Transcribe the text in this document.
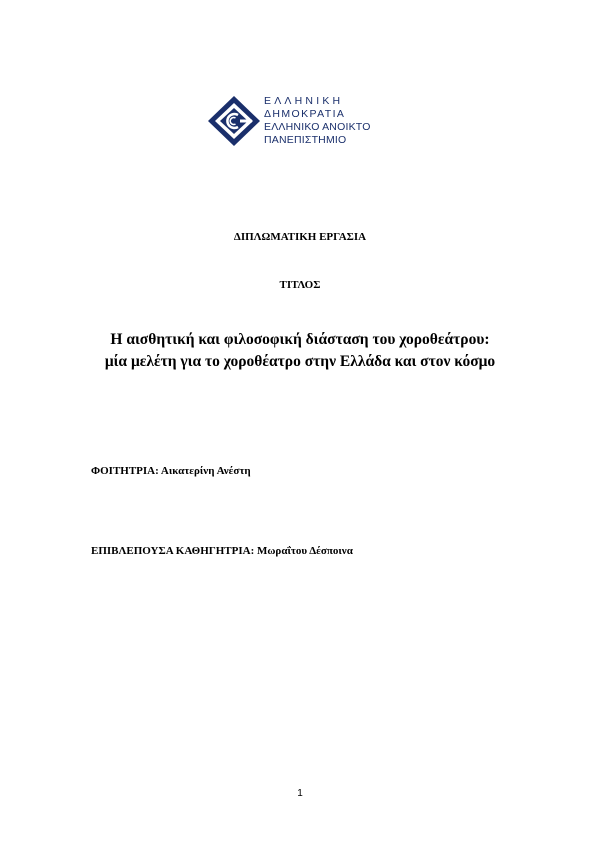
ΕΛΛΗΝΙΚΗ
ΔΗΜΟΚΡΑΤΙΑ
ΕΛΛΗΝΙΚΟ ΑΝΟΙΚΤΟ
ΠΑΝΕΠΙΣΤΗΜΙΟ
ΔΙΠΛΩΜΑΤΙΚΗ ΕΡΓΑΣΙΑ
ΤΙΤΛΟΣ
Η αισθητική και φιλοσοφική διάσταση του χοροθεάτρου:
μία μελέτη για το χοροθέατρο στην Ελλάδα και στον κόσμο
ΦΟΙΤΗΤΡΙΑ: Αικατερίνη Ανέστη
ΕΠΙΒΛΕΠΟΥΣΑ ΚΑΘΗΓΗΤΡΙΑ: Μωραΐτου Δέσποινα
1
